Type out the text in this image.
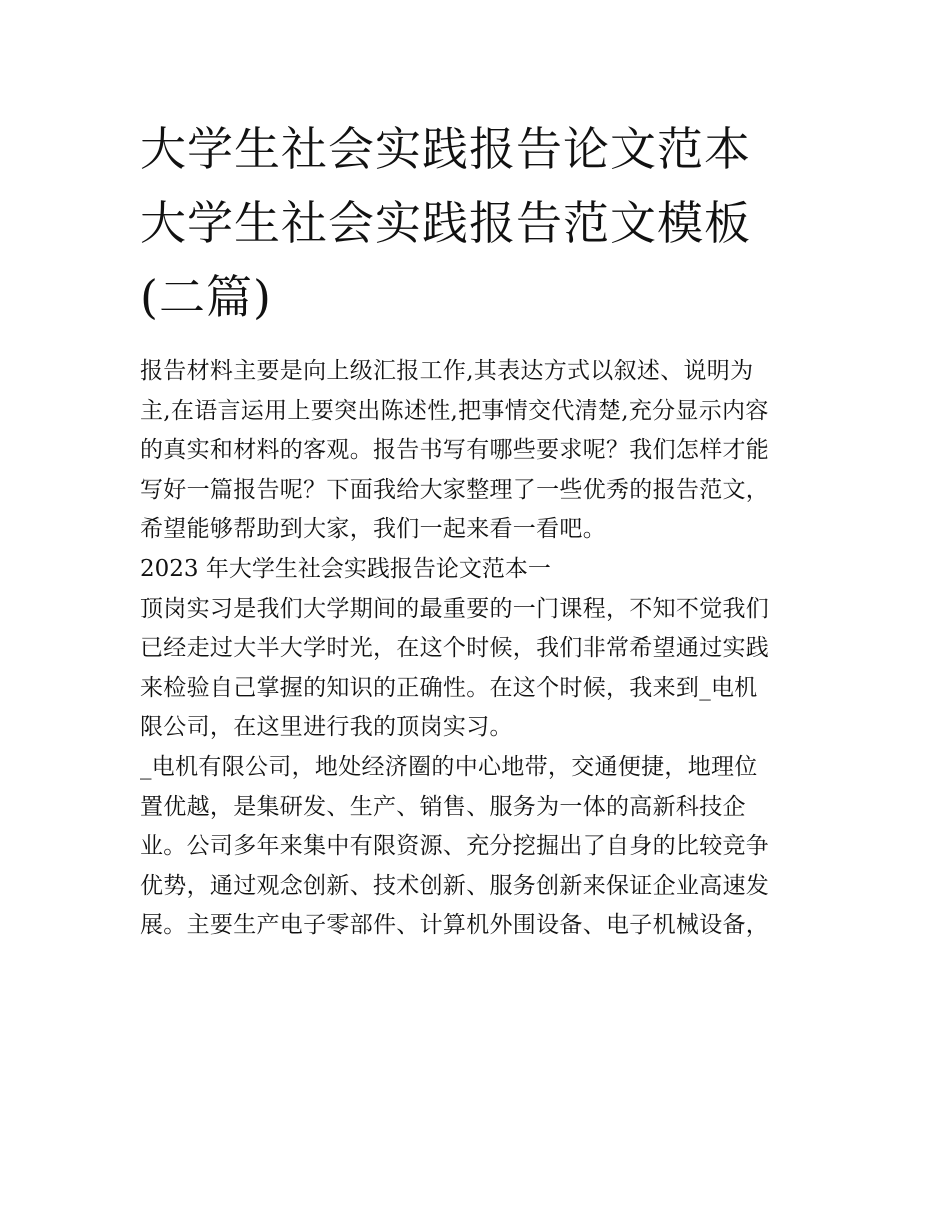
大学生社会实践报告论文范本
大学生社会实践报告范文模板
(二篇)

报告材料主要是向上级汇报工作,其表达方式以叙述、说明为
主,在语言运用上要突出陈述性,把事情交代清楚,充分显示内容
的真实和材料的客观。报告书写有哪些要求呢？我们怎样才能
写好一篇报告呢？下面我给大家整理了一些优秀的报告范文，
希望能够帮助到大家，我们一起来看一看吧。

2023 年大学生社会实践报告论文范本一

顶岗实习是我们大学期间的最重要的一门课程，不知不觉我们
已经走过大半大学时光，在这个时候，我们非常希望通过实践
来检验自己掌握的知识的正确性。在这个时候，我来到_电机
限公司，在这里进行我的顶岗实习。

_电机有限公司，地处经济圈的中心地带，交通便捷，地理位
置优越，是集研发、生产、销售、服务为一体的高新科技企
业。公司多年来集中有限资源、充分挖掘出了自身的比较竞争
优势，通过观念创新、技术创新、服务创新来保证企业高速发
展。主要生产电子零部件、计算机外围设备、电子机械设备，
